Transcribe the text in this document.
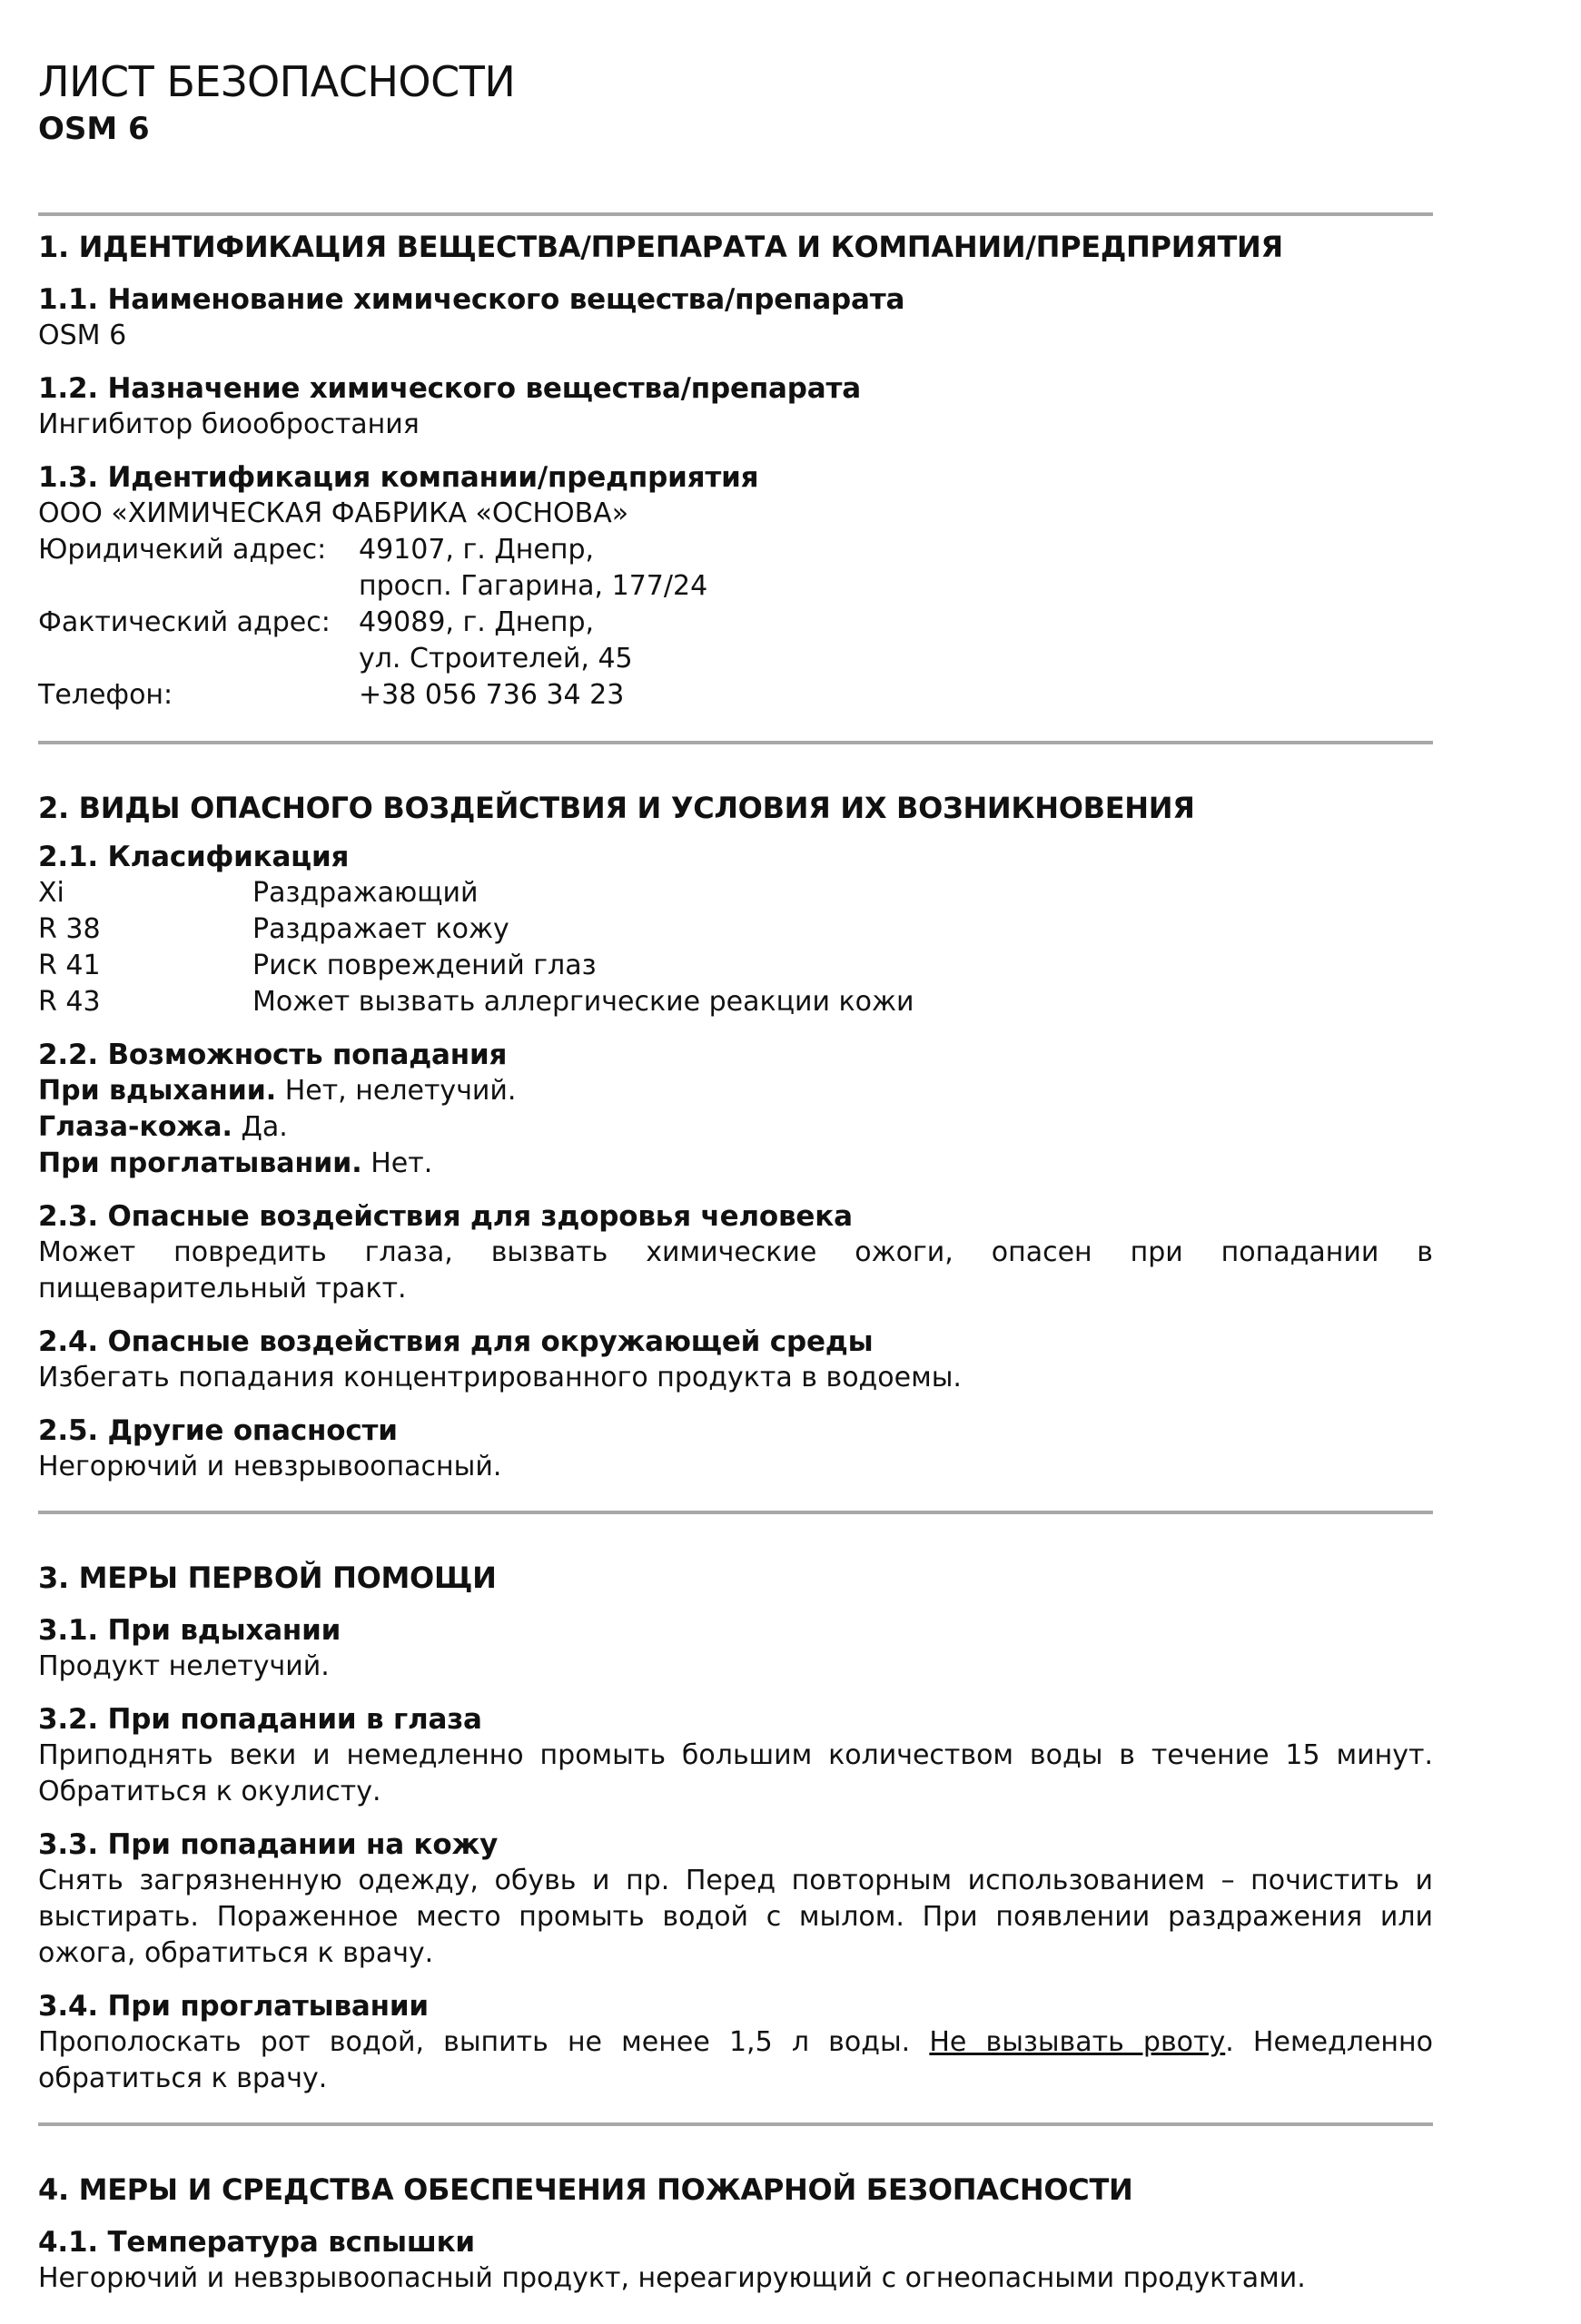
ЛИСТ БЕЗОПАСНОСТИ
OSM 6
1. ИДЕНТИФИКАЦИЯ ВЕЩЕСТВА/ПРЕПАРАТА И КОМПАНИИ/ПРЕДПРИЯТИЯ
1.1. Наименование химического вещества/препарата
OSM 6
1.2. Назначение химического вещества/препарата
Ингибитор биообростания
1.3. Идентификация компании/предприятия
ООО «ХИМИЧЕСКАЯ ФАБРИКА «ОСНОВА»
Юридичекий адрес:	49107, г. Днепр,
просп. Гагарина, 177/24
Фактический адрес:	49089, г. Днепр,
ул. Строителей, 45
Телефон:	+38 056 736 34 23
2. ВИДЫ ОПАСНОГО ВОЗДЕЙСТВИЯ И УСЛОВИЯ ИХ ВОЗНИКНОВЕНИЯ
2.1. Класификация
Xi	Раздражающий
R 38	Раздражает кожу
R 41	Риск повреждений глаз
R 43	Может вызвать аллергические реакции кожи
2.2. Возможность попадания
При вдыхании. Нет, нелетучий.
Глаза-кожа. Да.
При проглатывании. Нет.
2.3. Опасные воздействия для здоровья человека
Может повредить глаза, вызвать химические ожоги, опасен при попадании в пищеварительный тракт.
2.4. Опасные воздействия для окружающей среды
Избегать попадания концентрированного продукта в водоемы.
2.5. Другие опасности
Негорючий и невзрывоопасный.
3. МЕРЫ ПЕРВОЙ ПОМОЩИ
3.1. При вдыхании
Продукт нелетучий.
3.2. При попадании в глаза
Приподнять веки и немедленно промыть большим количеством воды в течение 15 минут. Обратиться к окулисту.
3.3. При попадании на кожу
Снять загрязненную одежду, обувь и пр. Перед повторным использованием – почистить и выстирать. Пораженное место промыть водой с мылом. При появлении раздражения или ожога, обратиться к врачу.
3.4. При проглатывании
Прополоскать рот водой, выпить не менее 1,5 л воды. Не вызывать рвоту. Немедленно обратиться к врачу.
4. МЕРЫ И СРЕДСТВА ОБЕСПЕЧЕНИЯ ПОЖАРНОЙ БЕЗОПАСНОСТИ
4.1. Температура вспышки
Негорючий и невзрывоопасный продукт, нереагирующий с огнеопасными продуктами.
